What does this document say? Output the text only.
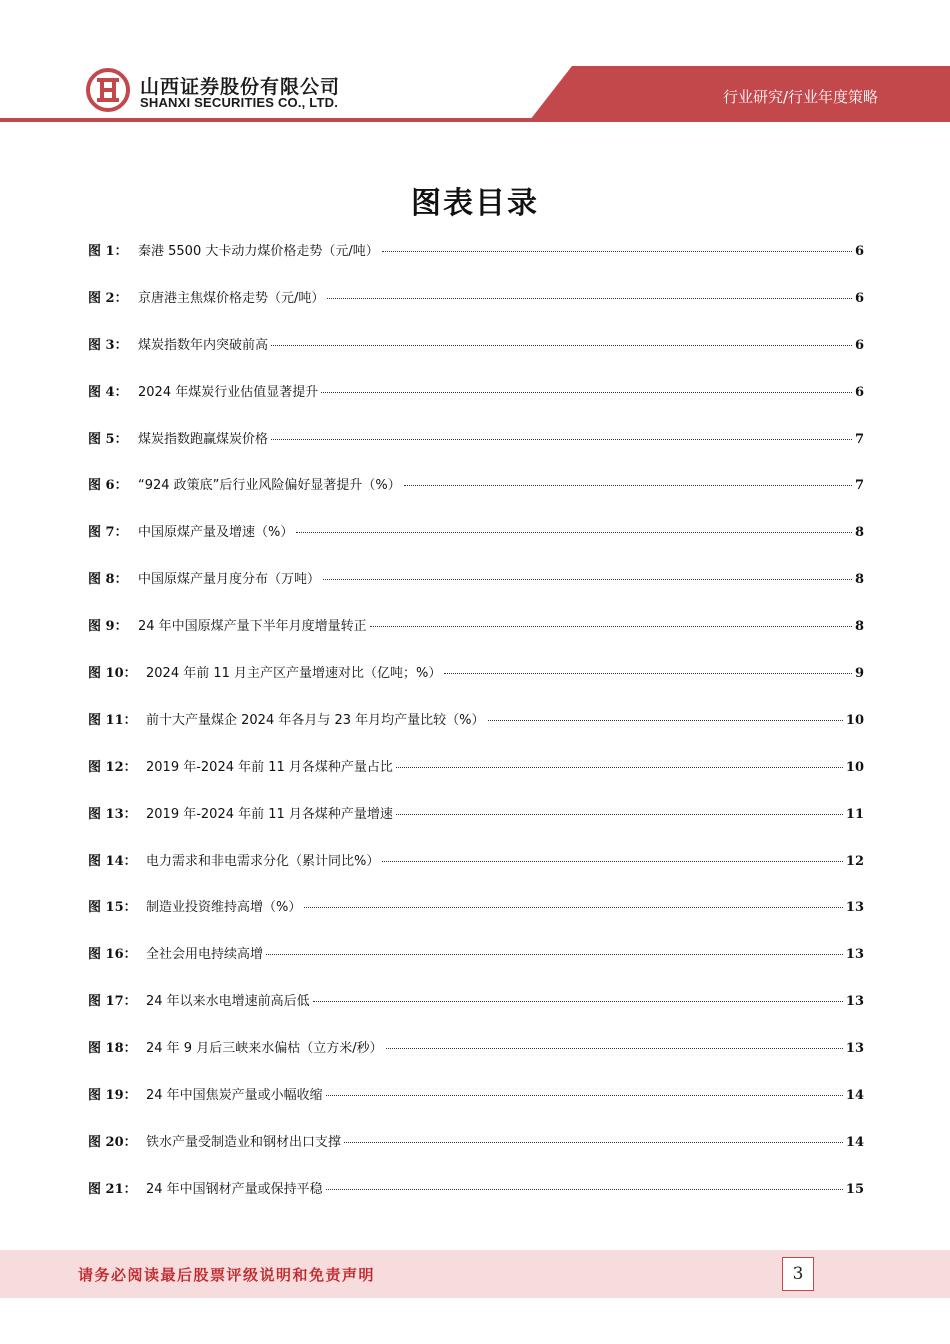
山西证券股份有限公司
SHANXI SECURITIES CO., LTD.	行业研究/行业年度策略
图表目录
图 1： 秦港 5500 大卡动力煤价格走势（元/吨）	6
图 2： 京唐港主焦煤价格走势（元/吨）	6
图 3： 煤炭指数年内突破前高	6
图 4： 2024 年煤炭行业估值显著提升	6
图 5： 煤炭指数跑赢煤炭价格	7
图 6： “924 政策底”后行业风险偏好显著提升（%）	7
图 7： 中国原煤产量及增速（%）	8
图 8： 中国原煤产量月度分布（万吨）	8
图 9： 24 年中国原煤产量下半年月度增量转正	8
图 10： 2024 年前 11 月主产区产量增速对比（亿吨；%）	9
图 11： 前十大产量煤企 2024 年各月与 23 年月均产量比较（%）	10
图 12： 2019 年-2024 年前 11 月各煤种产量占比	10
图 13： 2019 年-2024 年前 11 月各煤种产量增速	11
图 14： 电力需求和非电需求分化（累计同比%）	12
图 15： 制造业投资维持高增（%）	13
图 16： 全社会用电持续高增	13
图 17： 24 年以来水电增速前高后低	13
图 18： 24 年 9 月后三峡来水偏枯（立方米/秒）	13
图 19： 24 年中国焦炭产量或小幅收缩	14
图 20： 铁水产量受制造业和钢材出口支撑	14
图 21： 24 年中国钢材产量或保持平稳	15
请务必阅读最后股票评级说明和免责声明	3
